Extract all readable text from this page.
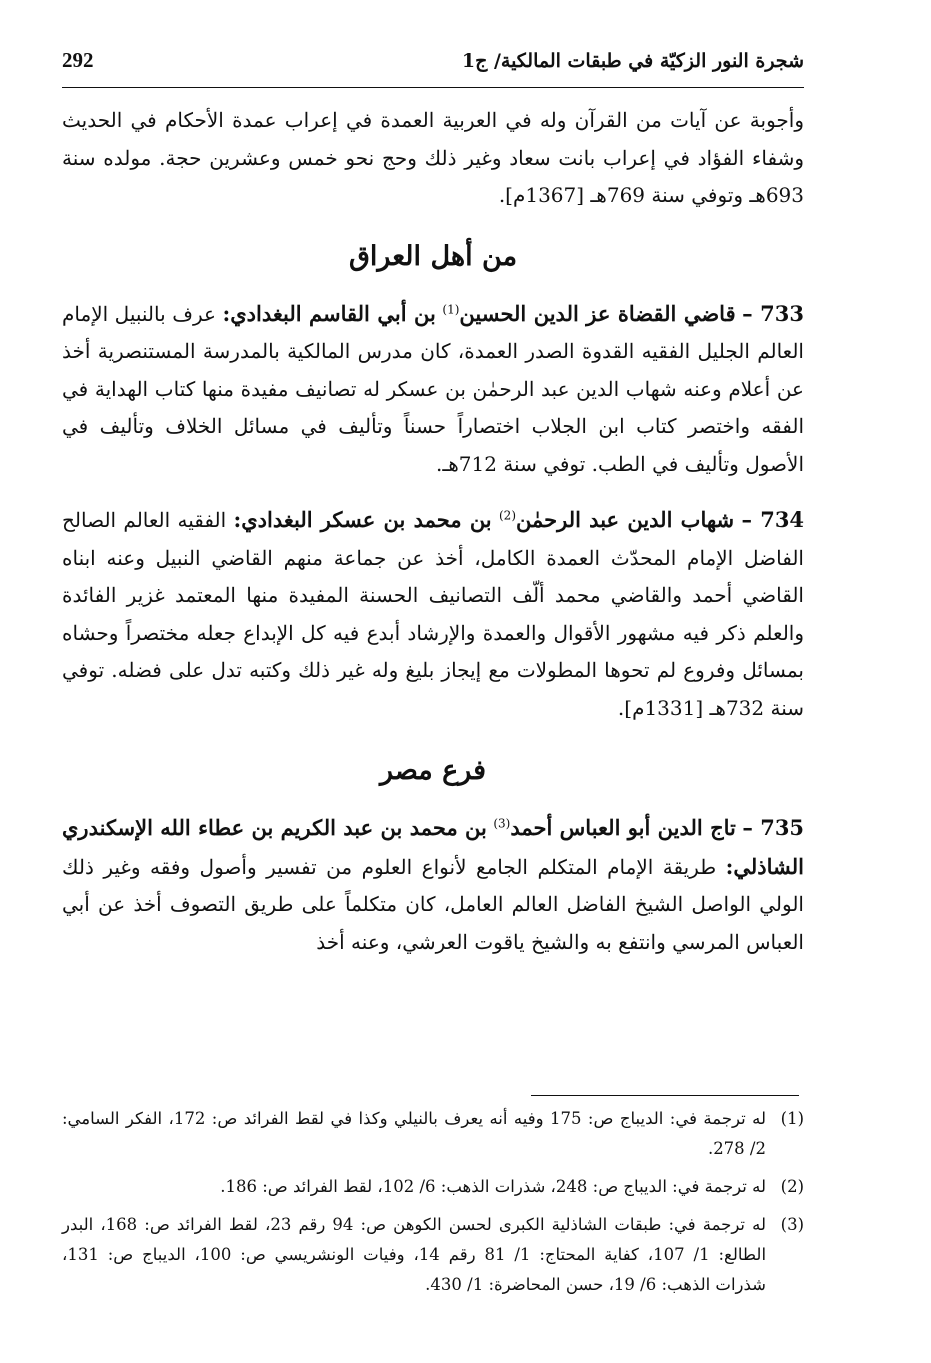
شجرة النور الزكيّة في طبقات المالكية/ ج1
292

وأجوبة عن آيات من القرآن وله في العربية العمدة في إعراب عمدة الأحكام في الحديث وشفاء الفؤاد في إعراب بانت سعاد وغير ذلك وحج نحو خمس وعشرين حجة. مولده سنة 693هـ وتوفي سنة 769هـ [1367م].

من أهل العراق

733 – قاضي القضاة عز الدين الحسين$^{(1)}$ بن أبي القاسم البغدادي: عرف بالنبيل الإمام العالم الجليل الفقيه القدوة الصدر العمدة، كان مدرس المالكية بالمدرسة المستنصرية أخذ عن أعلام وعنه شهاب الدين عبد الرحمٰن بن عسكر له تصانيف مفيدة منها كتاب الهداية في الفقه واختصر كتاب ابن الجلاب اختصاراً حسناً وتأليف في مسائل الخلاف وتأليف في الأصول وتأليف في الطب. توفي سنة 712هـ.

734 – شهاب الدين عبد الرحمٰن$^{(2)}$ بن محمد بن عسكر البغدادي: الفقيه العالم الصالح الفاضل الإمام المحدّث العمدة الكامل، أخذ عن جماعة منهم القاضي النبيل وعنه ابناه القاضي أحمد والقاضي محمد ألّف التصانيف الحسنة المفيدة منها المعتمد غزير الفائدة والعلم ذكر فيه مشهور الأقوال والعمدة والإرشاد أبدع فيه كل الإبداع جعله مختصراً وحشاه بمسائل وفروع لم تحوها المطولات مع إيجاز بليغ وله غير ذلك وكتبه تدل على فضله. توفي سنة 732هـ [1331م].

فرع مصر

735 – تاج الدين أبو العباس أحمد$^{(3)}$ بن محمد بن عبد الكريم بن عطاء الله الإسكندري الشاذلي: طريقة الإمام المتكلم الجامع لأنواع العلوم من تفسير وأصول وفقه وغير ذلك الولي الواصل الشيخ الفاضل العالم العامل، كان متكلماً على طريق التصوف أخذ عن أبي العباس المرسي وانتفع به والشيخ ياقوت العرشي، وعنه أخذ

(1)
له ترجمة في: الديباج ص: 175 وفيه أنه يعرف بالنيلي وكذا في لقط الفرائد ص: 172، الفكر السامي: 2/ 278.
(2)
له ترجمة في: الديباج ص: 248، شذرات الذهب: 6/ 102، لقط الفرائد ص: 186.
(3)
له ترجمة في: طبقات الشاذلية الكبرى لحسن الكوهن ص: 94 رقم 23، لقط الفرائد ص: 168، البدر الطالع: 1/ 107، كفاية المحتاج: 1/ 81 رقم 14، وفيات الونشريسي ص: 100، الديباج ص: 131، شذرات الذهب: 6/ 19، حسن المحاضرة: 1/ 430.
